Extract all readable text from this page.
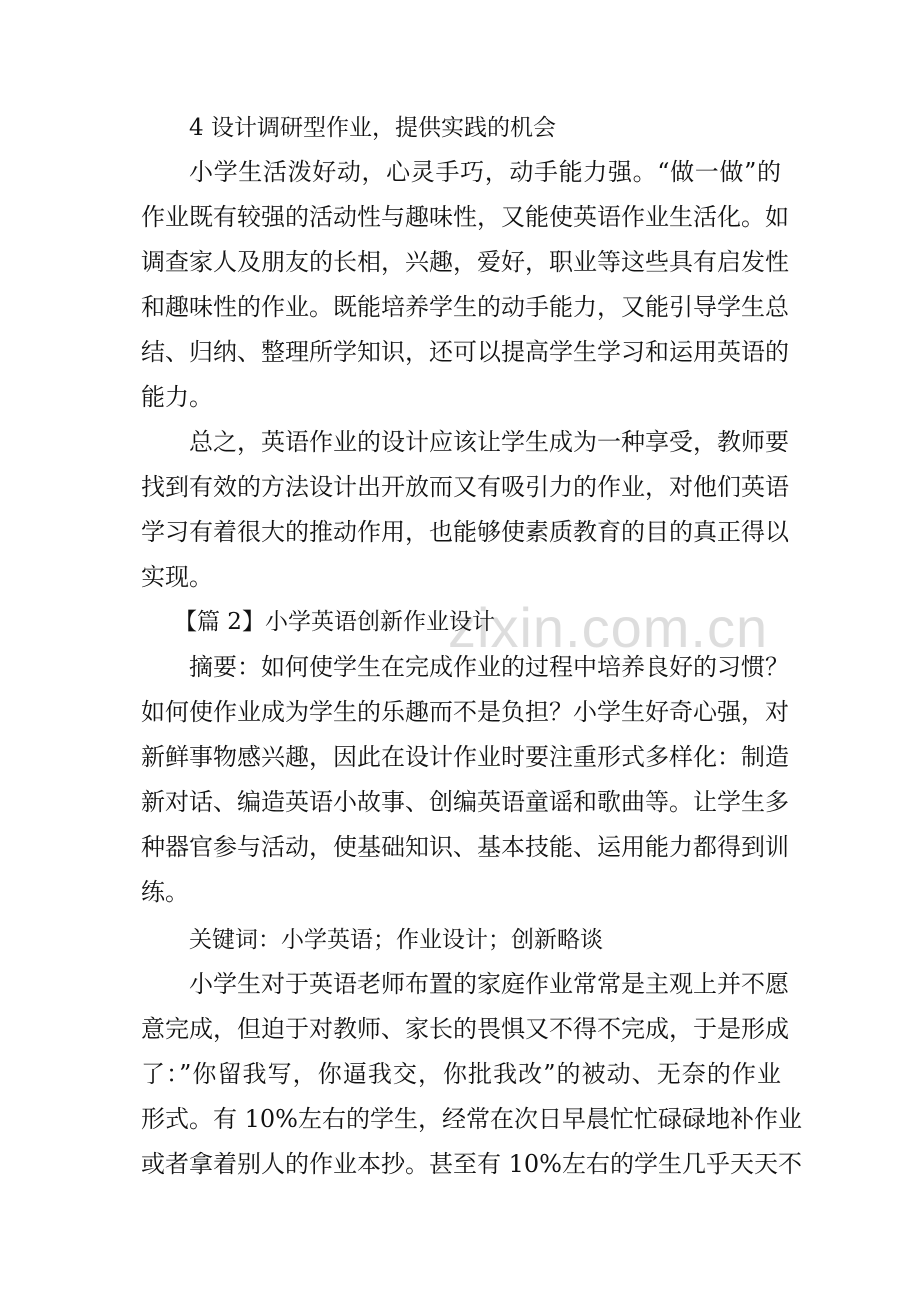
zixin.com.cn
4 设计调研型作业，提供实践的机会
小学生活泼好动，心灵手巧，动手能力强。“做一做”的
作业既有较强的活动性与趣味性，又能使英语作业生活化。如
调查家人及朋友的长相，兴趣，爱好，职业等这些具有启发性
和趣味性的作业。既能培养学生的动手能力，又能引导学生总
结、归纳、整理所学知识，还可以提高学生学习和运用英语的
能力。
总之，英语作业的设计应该让学生成为一种享受，教师要
找到有效的方法设计出开放而又有吸引力的作业，对他们英语
学习有着很大的推动作用，也能够使素质教育的目的真正得以
实现。
【篇 2】小学英语创新作业设计
摘要：如何使学生在完成作业的过程中培养良好的习惯？
如何使作业成为学生的乐趣而不是负担？小学生好奇心强，对
新鲜事物感兴趣，因此在设计作业时要注重形式多样化：制造
新对话、编造英语小故事、创编英语童谣和歌曲等。让学生多
种器官参与活动，使基础知识、基本技能、运用能力都得到训
练。
关键词：小学英语；作业设计；创新略谈
小学生对于英语老师布置的家庭作业常常是主观上并不愿
意完成，但迫于对教师、家长的畏惧又不得不完成，于是形成
了：”你留我写，你逼我交，你批我改”的被动、无奈的作业
形式。有 10%左右的学生，经常在次日早晨忙忙碌碌地补作业
或者拿着别人的作业本抄。甚至有 10%左右的学生几乎天天不
